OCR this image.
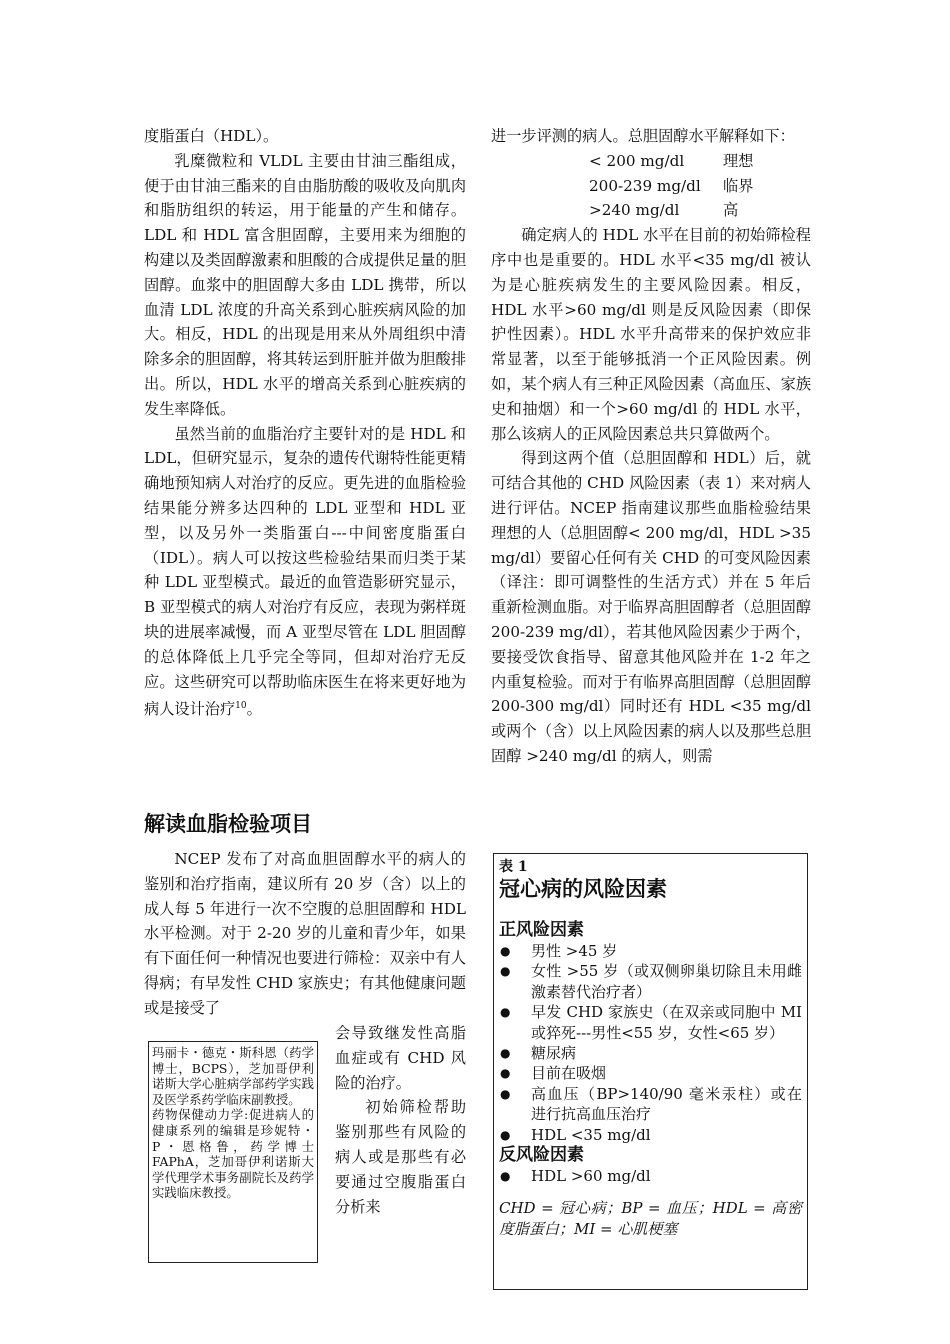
度脂蛋白（HDL）。

乳糜微粒和 VLDL 主要由甘油三酯组成，便于由甘油三酯来的自由脂肪酸的吸收及向肌肉和脂肪组织的转运，用于能量的产生和储存。LDL 和 HDL 富含胆固醇，主要用来为细胞的构建以及类固醇激素和胆酸的合成提供足量的胆固醇。血浆中的胆固醇大多由 LDL 携带，所以血清 LDL 浓度的升高关系到心脏疾病风险的加大。相反，HDL 的出现是用来从外周组织中清除多余的胆固醇，将其转运到肝脏并做为胆酸排出。所以，HDL 水平的增高关系到心脏疾病的发生率降低。

虽然当前的血脂治疗主要针对的是 HDL 和 LDL，但研究显示，复杂的遗传代谢特性能更精确地预知病人对治疗的反应。更先进的血脂检验结果能分辨多达四种的 LDL 亚型和 HDL 亚型，以及另外一类脂蛋白---中间密度脂蛋白（IDL）。病人可以按这些检验结果而归类于某种 LDL 亚型模式。最近的血管造影研究显示，B 亚型模式的病人对治疗有反应，表现为粥样斑块的进展率减慢，而 A 亚型尽管在 LDL 胆固醇的总体降低上几乎完全等同，但却对治疗无反应。这些研究可以帮助临床医生在将来更好地为病人设计治疗$^{10}$。

解读血脂检验项目

NCEP 发布了对高血胆固醇水平的病人的鉴别和治疗指南，建议所有 20 岁（含）以上的成人每 5 年进行一次不空腹的总胆固醇和 HDL 水平检测。对于 2-20 岁的儿童和青少年，如果有下面任何一种情况也要进行筛检：双亲中有人得病；有早发性 CHD 家族史；有其他健康问题或是接受了

会导致继发性高脂血症或有 CHD 风险的治疗。

初始筛检帮助鉴别那些有风险的病人或是那些有必要通过空腹脂蛋白分析来

玛丽卡・德克・斯科恩（药学博士，BCPS），芝加哥伊利诺斯大学心脏病学部药学实践及医学系药学临床副教授。

药物保健动力学:促进病人的健康系列的编辑是珍妮特・P・恩格鲁，药学博士 FAPhA，芝加哥伊利诺斯大学代理学术事务副院长及药学实践临床教授。

进一步评测的病人。总胆固醇水平解释如下：

< 200 mg/dl	理想
200-239 mg/dl	临界
>240 mg/dl	高

确定病人的 HDL 水平在目前的初始筛检程序中也是重要的。HDL 水平<35 mg/dl 被认为是心脏疾病发生的主要风险因素。相反，HDL 水平>60 mg/dl 则是反风险因素（即保护性因素）。HDL 水平升高带来的保护效应非常显著，以至于能够抵消一个正风险因素。例如，某个病人有三种正风险因素（高血压、家族史和抽烟）和一个>60 mg/dl 的 HDL 水平，那么该病人的正风险因素总共只算做两个。

得到这两个值（总胆固醇和 HDL）后，就可结合其他的 CHD 风险因素（表 1）来对病人进行评估。NCEP 指南建议那些血脂检验结果理想的人（总胆固醇< 200 mg/dl，HDL >35 mg/dl）要留心任何有关 CHD 的可变风险因素（译注：即可调整性的生活方式）并在 5 年后重新检测血脂。对于临界高胆固醇者（总胆固醇 200-239 mg/dl），若其他风险因素少于两个，要接受饮食指导、留意其他风险并在 1-2 年之内重复检验。而对于有临界高胆固醇（总胆固醇 200-300 mg/dl）同时还有 HDL <35 mg/dl 或两个（含）以上风险因素的病人以及那些总胆固醇 >240 mg/dl 的病人，则需

表 1
冠心病的风险因素
正风险因素
● 男性 >45 岁
● 女性 >55 岁（或双侧卵巢切除且未用雌激素替代治疗者）
● 早发 CHD 家族史（在双亲或同胞中 MI 或猝死---男性<55 岁，女性<65 岁）
● 糖尿病
● 目前在吸烟
● 高血压（BP>140/90 毫米汞柱）或在进行抗高血压治疗
● HDL <35 mg/dl
反风险因素
● HDL >60 mg/dl
CHD = 冠心病；BP = 血压；HDL = 高密度脂蛋白；MI = 心肌梗塞
